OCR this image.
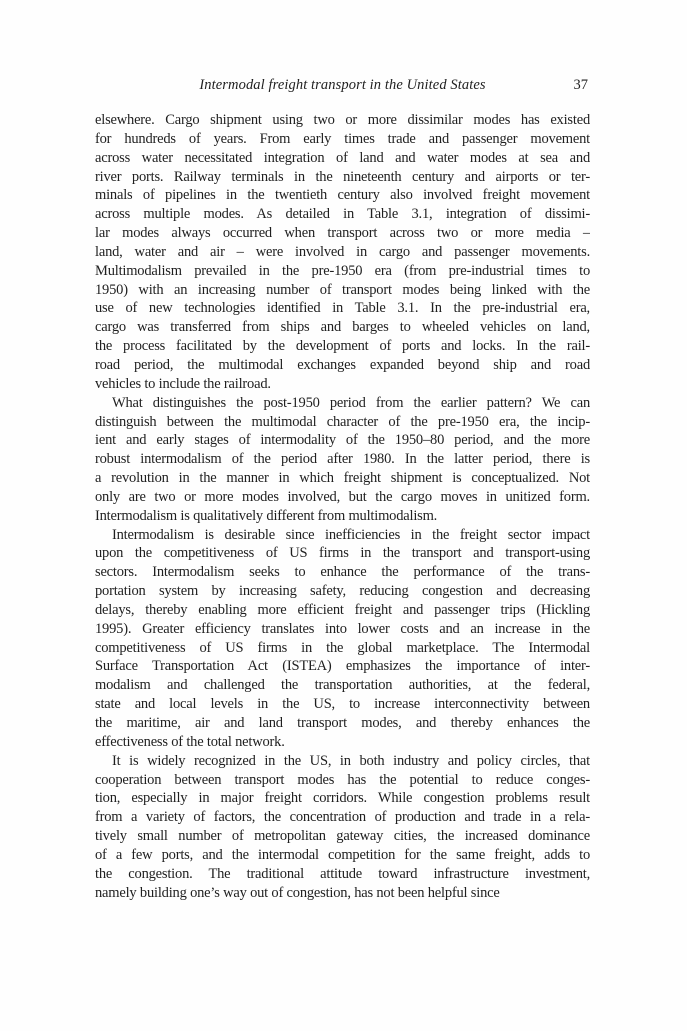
Intermodal freight transport in the United States	37
elsewhere. Cargo shipment using two or more dissimilar modes has existed
for hundreds of years. From early times trade and passenger movement
across water necessitated integration of land and water modes at sea and
river ports. Railway terminals in the nineteenth century and airports or ter-
minals of pipelines in the twentieth century also involved freight movement
across multiple modes. As detailed in Table 3.1, integration of dissimi-
lar modes always occurred when transport across two or more media –
land, water and air – were involved in cargo and passenger movements.
Multimodalism prevailed in the pre-1950 era (from pre-industrial times to
1950) with an increasing number of transport modes being linked with the
use of new technologies identified in Table 3.1. In the pre-industrial era,
cargo was transferred from ships and barges to wheeled vehicles on land,
the process facilitated by the development of ports and locks. In the rail-
road period, the multimodal exchanges expanded beyond ship and road
vehicles to include the railroad.
What distinguishes the post-1950 period from the earlier pattern? We can
distinguish between the multimodal character of the pre-1950 era, the incip-
ient and early stages of intermodality of the 1950–80 period, and the more
robust intermodalism of the period after 1980. In the latter period, there is
a revolution in the manner in which freight shipment is conceptualized. Not
only are two or more modes involved, but the cargo moves in unitized form.
Intermodalism is qualitatively different from multimodalism.
Intermodalism is desirable since inefficiencies in the freight sector impact
upon the competitiveness of US firms in the transport and transport-using
sectors. Intermodalism seeks to enhance the performance of the trans-
portation system by increasing safety, reducing congestion and decreasing
delays, thereby enabling more efficient freight and passenger trips (Hickling
1995). Greater efficiency translates into lower costs and an increase in the
competitiveness of US firms in the global marketplace. The Intermodal
Surface Transportation Act (ISTEA) emphasizes the importance of inter-
modalism and challenged the transportation authorities, at the federal,
state and local levels in the US, to increase interconnectivity between
the maritime, air and land transport modes, and thereby enhances the
effectiveness of the total network.
It is widely recognized in the US, in both industry and policy circles, that
cooperation between transport modes has the potential to reduce conges-
tion, especially in major freight corridors. While congestion problems result
from a variety of factors, the concentration of production and trade in a rela-
tively small number of metropolitan gateway cities, the increased dominance
of a few ports, and the intermodal competition for the same freight, adds to
the congestion. The traditional attitude toward infrastructure investment,
namely building one’s way out of congestion, has not been helpful since
